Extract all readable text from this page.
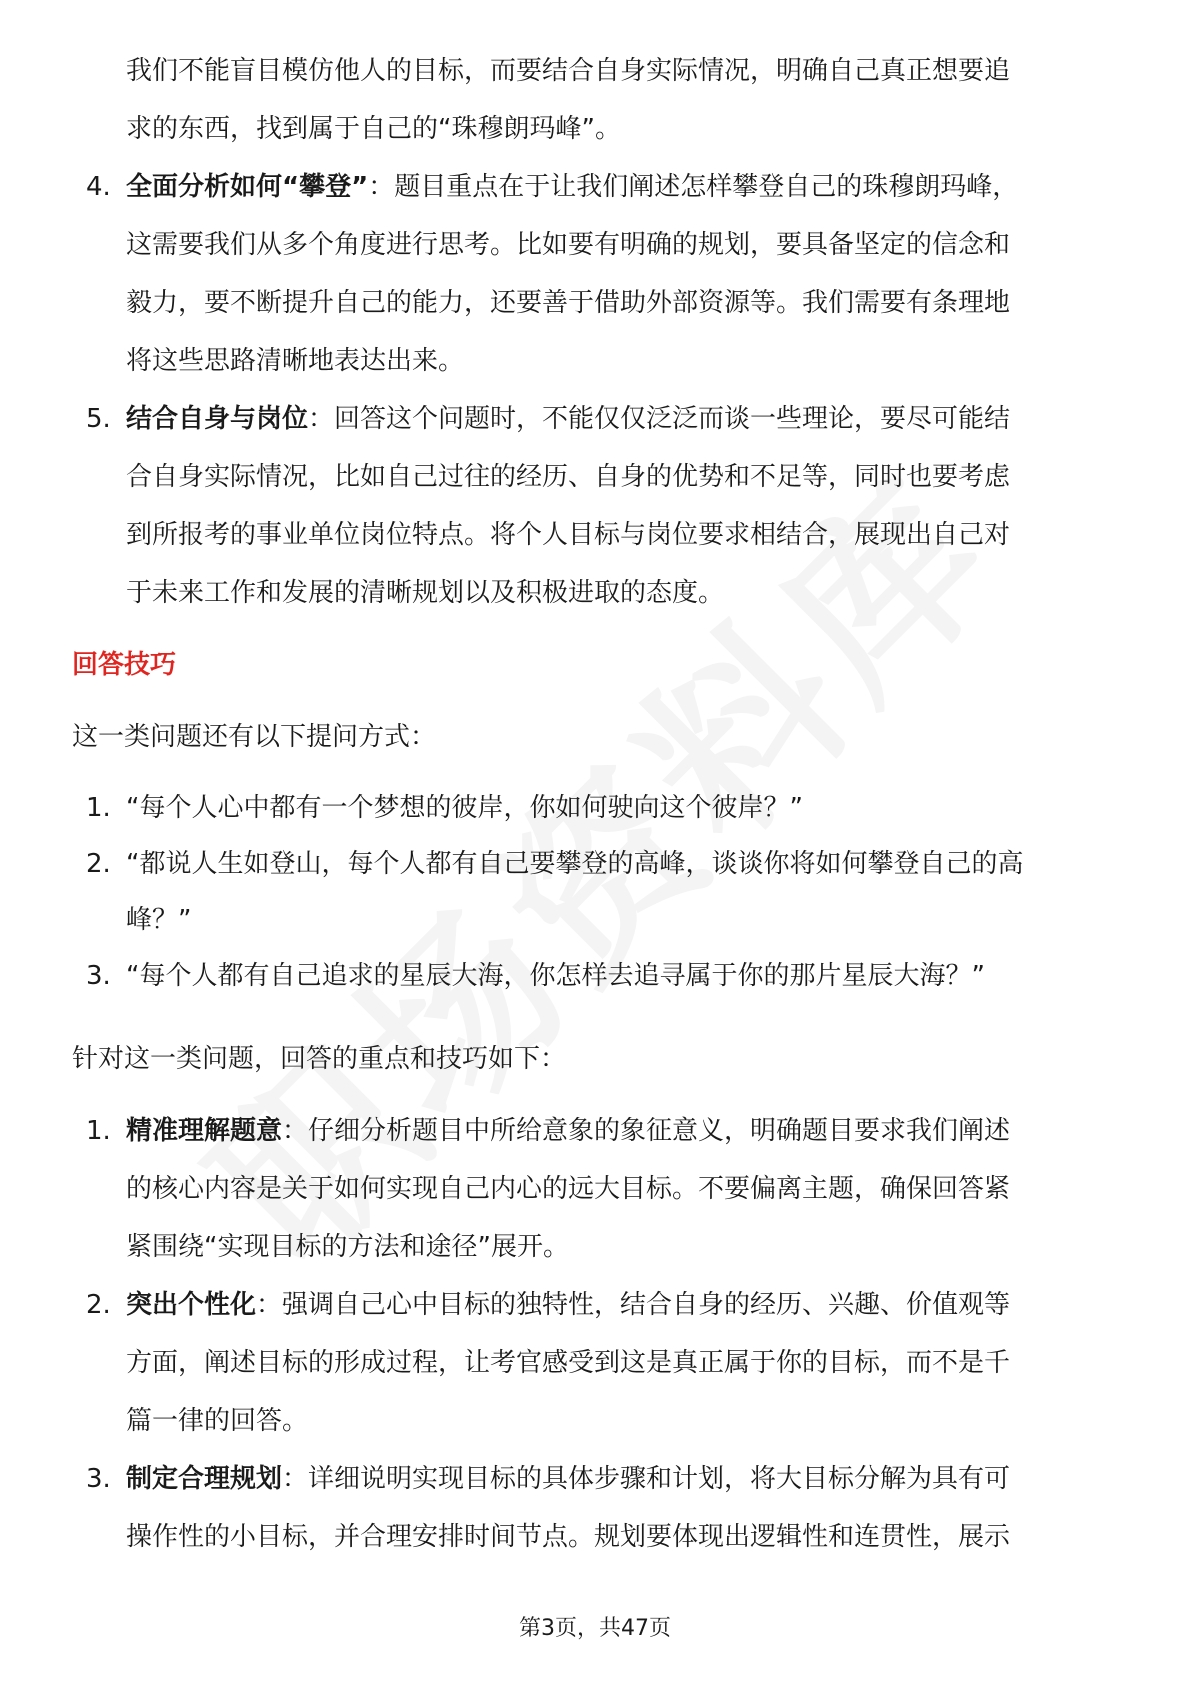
我们不能盲目模仿他人的目标，而要结合自身实际情况，明确自己真正想要追
求的东西，找到属于自己的“珠穆朗玛峰”。
4. 全面分析如何“攀登”：题目重点在于让我们阐述怎样攀登自己的珠穆朗玛峰，
这需要我们从多个角度进行思考。比如要有明确的规划，要具备坚定的信念和
毅力，要不断提升自己的能力，还要善于借助外部资源等。我们需要有条理地
将这些思路清晰地表达出来。
5. 结合自身与岗位：回答这个问题时，不能仅仅泛泛而谈一些理论，要尽可能结
合自身实际情况，比如自己过往的经历、自身的优势和不足等，同时也要考虑
到所报考的事业单位岗位特点。将个人目标与岗位要求相结合，展现出自己对
于未来工作和发展的清晰规划以及积极进取的态度。
回答技巧
这一类问题还有以下提问方式：
1. “每个人心中都有一个梦想的彼岸，你如何驶向这个彼岸？”
2. “都说人生如登山，每个人都有自己要攀登的高峰，谈谈你将如何攀登自己的高
峰？”
3. “每个人都有自己追求的星辰大海，你怎样去追寻属于你的那片星辰大海？”
针对这一类问题，回答的重点和技巧如下：
1. 精准理解题意：仔细分析题目中所给意象的象征意义，明确题目要求我们阐述
的核心内容是关于如何实现自己内心的远大目标。不要偏离主题，确保回答紧
紧围绕“实现目标的方法和途径”展开。
2. 突出个性化：强调自己心中目标的独特性，结合自身的经历、兴趣、价值观等
方面，阐述目标的形成过程，让考官感受到这是真正属于你的目标，而不是千
篇一律的回答。
3. 制定合理规划：详细说明实现目标的具体步骤和计划，将大目标分解为具有可
操作性的小目标，并合理安排时间节点。规划要体现出逻辑性和连贯性，展示
第3页，共47页
